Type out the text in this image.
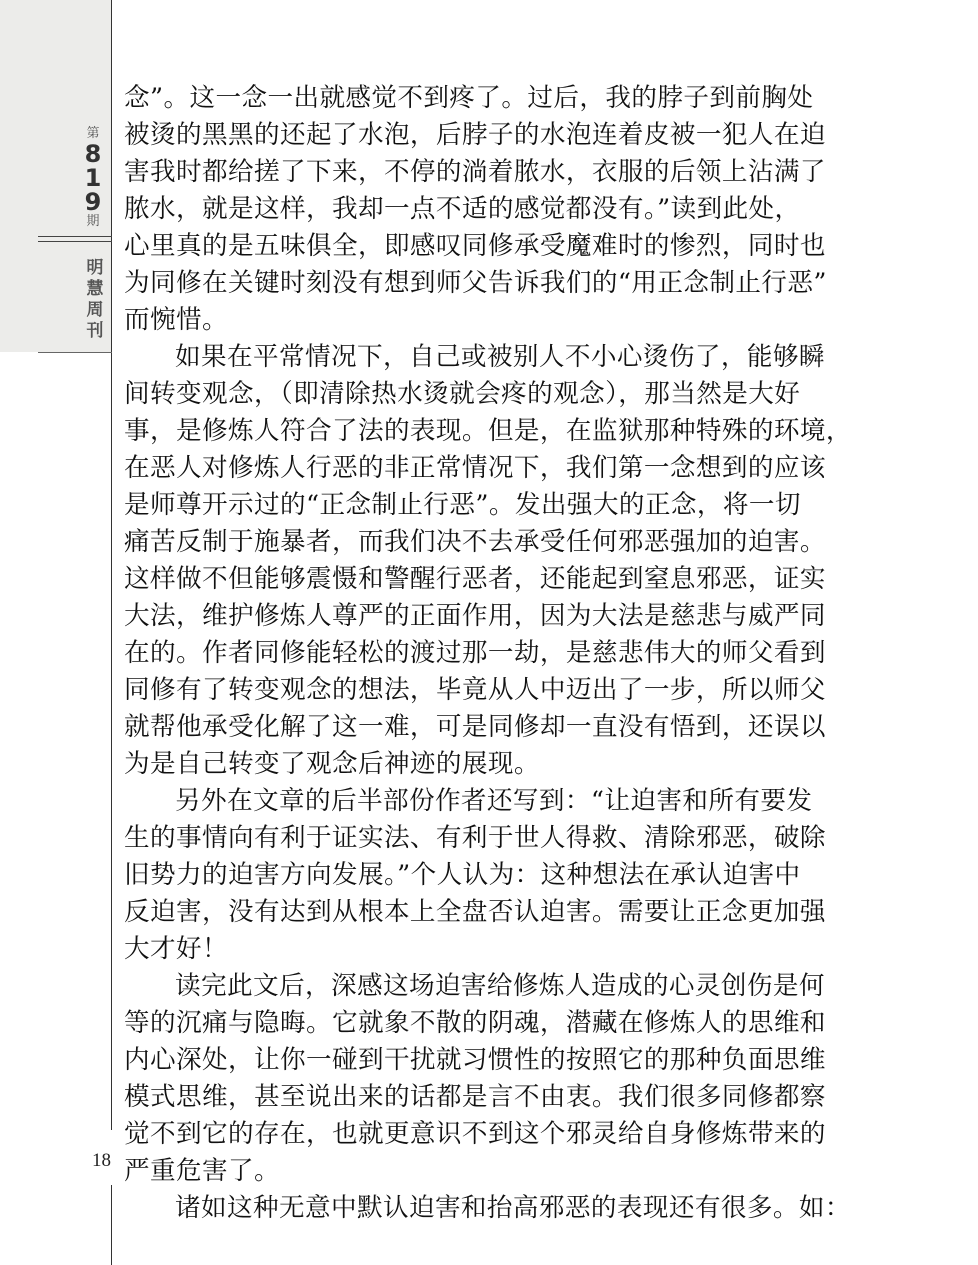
第
8
1
9
期
明
慧
周
刊
18
念”。这一念一出就感觉不到疼了。过后，我的脖子到前胸处
被烫的黑黑的还起了水泡，后脖子的水泡连着皮被一犯人在迫
害我时都给搓了下来，不停的淌着脓水，衣服的后领上沾满了
脓水，就是这样，我却一点不适的感觉都没有。”读到此处，
心里真的是五味俱全，即感叹同修承受魔难时的惨烈，同时也
为同修在关键时刻没有想到师父告诉我们的“用正念制止行恶”
而惋惜。
如果在平常情况下，自己或被别人不小心烫伤了，能够瞬
间转变观念，（即清除热水烫就会疼的观念），那当然是大好
事，是修炼人符合了法的表现。但是，在监狱那种特殊的环境，
在恶人对修炼人行恶的非正常情况下，我们第一念想到的应该
是师尊开示过的“正念制止行恶”。发出强大的正念，将一切
痛苦反制于施暴者，而我们决不去承受任何邪恶强加的迫害。
这样做不但能够震慑和警醒行恶者，还能起到窒息邪恶，证实
大法，维护修炼人尊严的正面作用，因为大法是慈悲与威严同
在的。作者同修能轻松的渡过那一劫，是慈悲伟大的师父看到
同修有了转变观念的想法，毕竟从人中迈出了一步，所以师父
就帮他承受化解了这一难，可是同修却一直没有悟到，还误以
为是自己转变了观念后神迹的展现。
另外在文章的后半部份作者还写到：“让迫害和所有要发
生的事情向有利于证实法、有利于世人得救、清除邪恶，破除
旧势力的迫害方向发展。”个人认为：这种想法在承认迫害中
反迫害，没有达到从根本上全盘否认迫害。需要让正念更加强
大才好！
读完此文后，深感这场迫害给修炼人造成的心灵创伤是何
等的沉痛与隐晦。它就象不散的阴魂，潜藏在修炼人的思维和
内心深处，让你一碰到干扰就习惯性的按照它的那种负面思维
模式思维，甚至说出来的话都是言不由衷。我们很多同修都察
觉不到它的存在，也就更意识不到这个邪灵给自身修炼带来的
严重危害了。
诸如这种无意中默认迫害和抬高邪恶的表现还有很多。如：
